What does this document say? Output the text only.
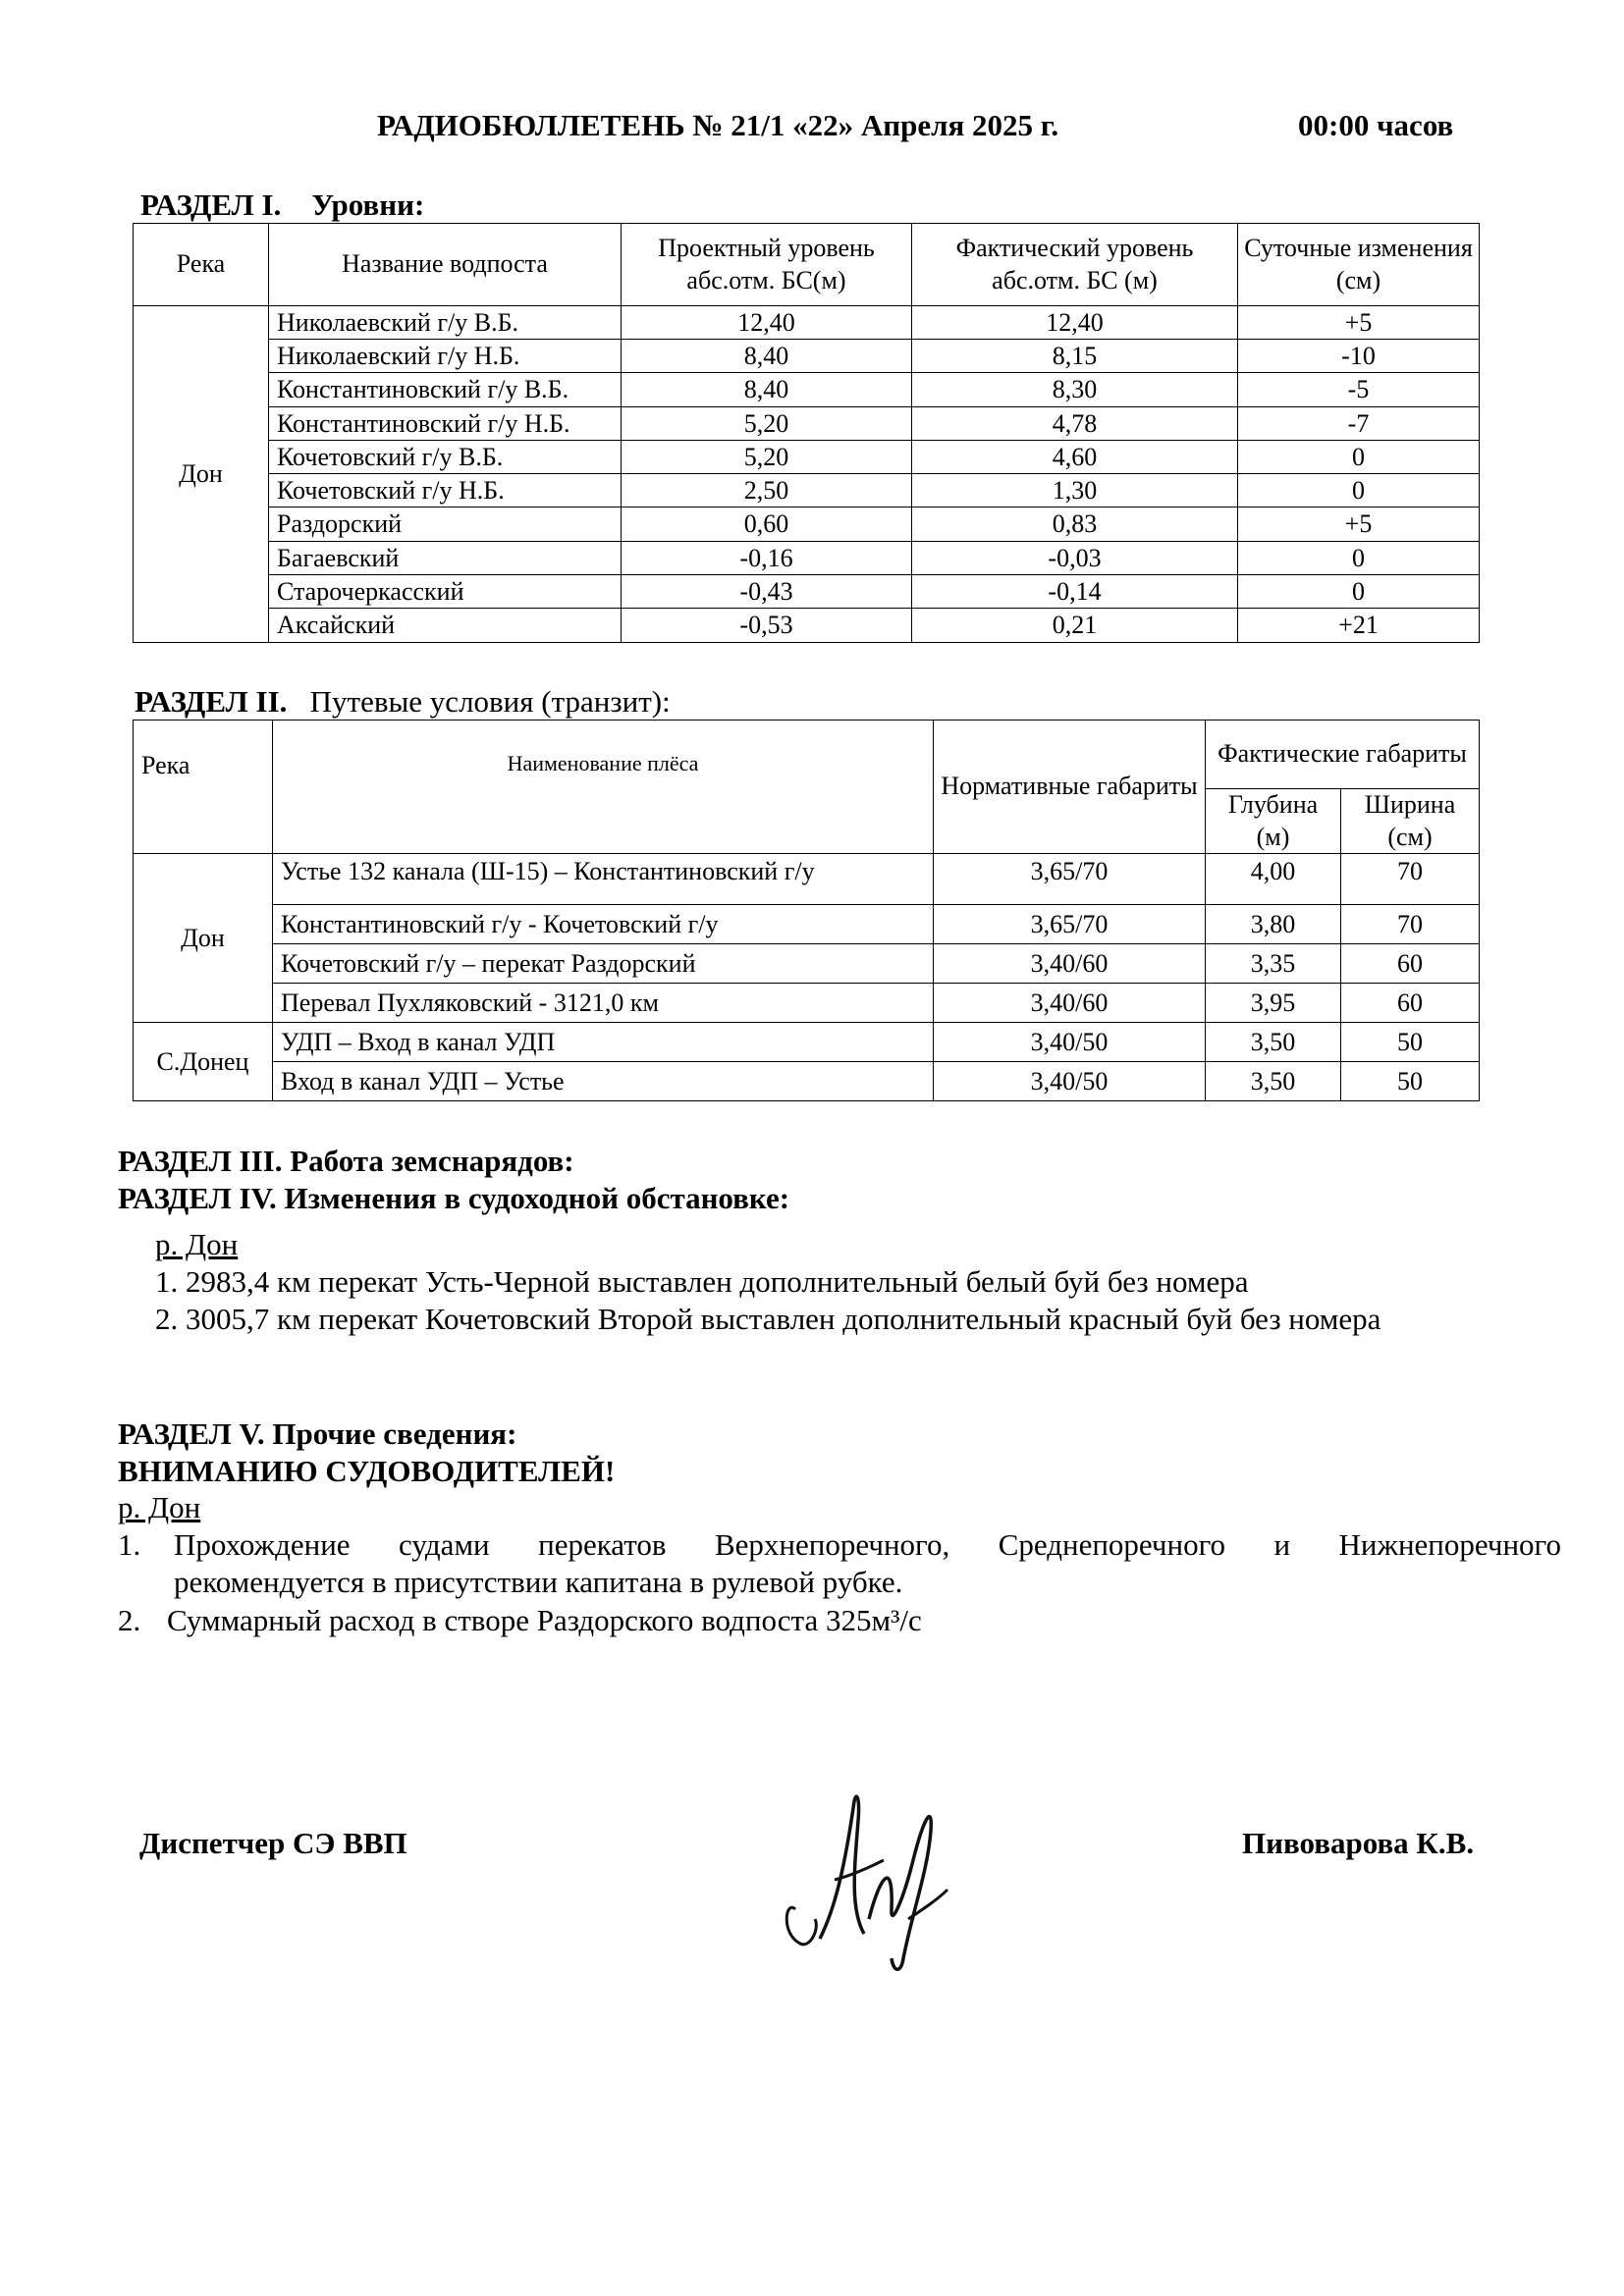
РАДИОБЮЛЛЕТЕНЬ № 21/1 «22» Апреля 2025 г.	00:00 часов
РАЗДЕЛ I. Уровни:
Река	Название водпоста	Проектный уровень абс.отм. БС(м)	Фактический уровень абс.отм. БС (м)	Суточные изменения (см)
Дон	Николаевский г/у В.Б.	12,40	12,40	+5
	Николаевский г/у Н.Б.	8,40	8,15	-10
	Константиновский г/у В.Б.	8,40	8,30	-5
	Константиновский г/у Н.Б.	5,20	4,78	-7
	Кочетовский г/у В.Б.	5,20	4,60	0
	Кочетовский г/у Н.Б.	2,50	1,30	0
	Раздорский	0,60	0,83	+5
	Багаевский	-0,16	-0,03	0
	Старочеркасский	-0,43	-0,14	0
	Аксайский	-0,53	0,21	+21
РАЗДЕЛ II. Путевые условия (транзит):
Река	Наименование плёса	Нормативные габариты	Фактические габариты	
			Глубина (м)	Ширина (см)
Дон	Устье 132 канала (Ш-15) – Константиновский г/у	3,65/70	4,00	70
	Константиновский г/у - Кочетовский г/у	3,65/70	3,80	70
	Кочетовский г/у – перекат Раздорский	3,40/60	3,35	60
	Перевал Пухляковский - 3121,0 км	3,40/60	3,95	60
С.Донец	УДП – Вход в канал УДП	3,40/50	3,50	50
	Вход в канал УДП – Устье	3,40/50	3,50	50
РАЗДЕЛ III. Работа земснарядов:
РАЗДЕЛ IV. Изменения в судоходной обстановке:
р. Дон
1. 2983,4 км перекат Усть-Черной выставлен дополнительный белый буй без номера
2. 3005,7 км перекат Кочетовский Второй выставлен дополнительный красный буй без номера
РАЗДЕЛ V. Прочие сведения:
ВНИМАНИЮ СУДОВОДИТЕЛЕЙ!
р. Дон
1. Прохождение судами перекатов Верхнепоречного, Среднепоречного и Нижнепоречного
рекомендуется в присутствии капитана в рулевой рубке.
2. Суммарный расход в створе Раздорского водпоста 325м³/с
Диспетчер СЭ ВВП	Пивоварова К.В.
